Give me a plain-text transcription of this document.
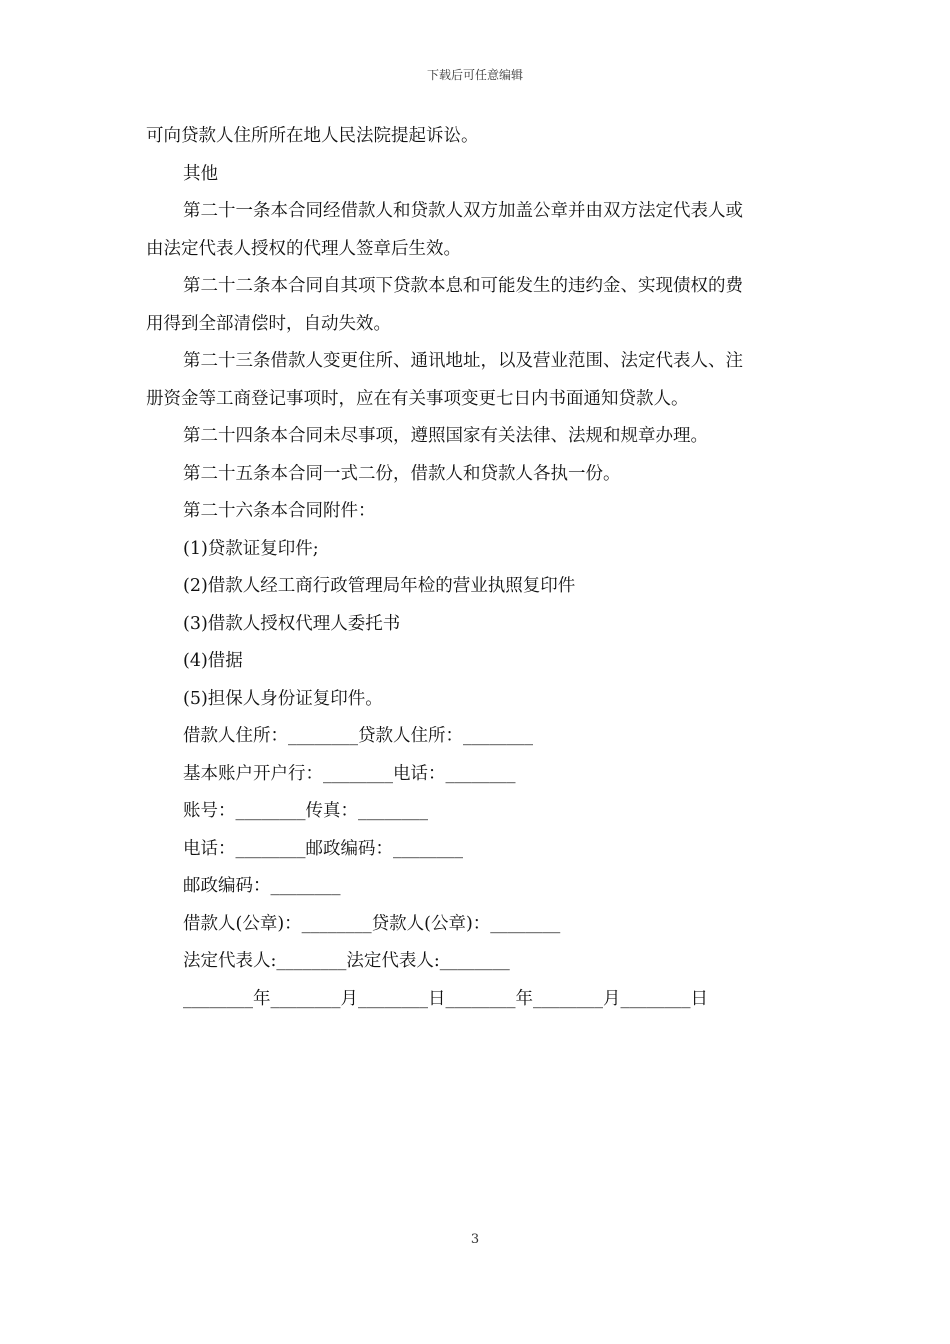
下载后可任意编辑

可向贷款人住所所在地人民法院提起诉讼。

其他

第二十一条本合同经借款人和贷款人双方加盖公章并由双方法定代表人或
由法定代表人授权的代理人签章后生效。

第二十二条本合同自其项下贷款本息和可能发生的违约金、实现债权的费
用得到全部清偿时，自动失效。

第二十三条借款人变更住所、通讯地址，以及营业范围、法定代表人、注
册资金等工商登记事项时，应在有关事项变更七日内书面通知贷款人。

第二十四条本合同未尽事项，遵照国家有关法律、法规和规章办理。

第二十五条本合同一式二份，借款人和贷款人各执一份。

第二十六条本合同附件：

(1)贷款证复印件;

(2)借款人经工商行政管理局年检的营业执照复印件

(3)借款人授权代理人委托书

(4)借据

(5)担保人身份证复印件。

借款人住所：________贷款人住所：________

基本账户开户行：________电话：________

账号：________传真：________

电话：________邮政编码：________

邮政编码：________

借款人(公章)：________贷款人(公章)：________

法定代表人:________法定代表人:________

________年________月________日________年________月________日

3
